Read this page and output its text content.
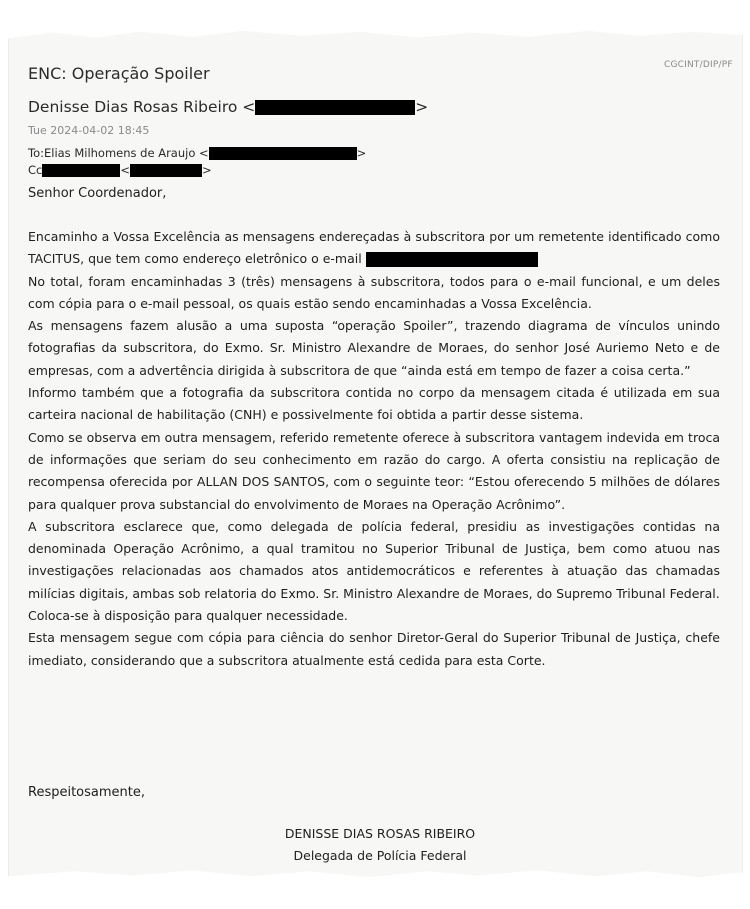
ENC: Operação Spoiler	CGCINT/DIP/PF
Denisse Dias Rosas Ribeiro <	>
Tue 2024-04-02 18:45
To:Elias Milhomens de Araujo <	>
Cc	<	>
Senhor Coordenador,

Encaminho a Vossa Excelência as mensagens endereçadas à subscritora por um remetente identificado como TACITUS, que tem como endereço eletrônico o e-mail

No total, foram encaminhadas 3 (três) mensagens à subscritora, todos para o e-mail funcional, e um deles com cópia para o e-mail pessoal, os quais estão sendo encaminhadas a Vossa Excelência.

As mensagens fazem alusão a uma suposta “operação Spoiler”, trazendo diagrama de vínculos unindo fotografias da subscritora, do Exmo. Sr. Ministro Alexandre de Moraes, do senhor José Auriemo Neto e de empresas, com a advertência dirigida à subscritora de que “ainda está em tempo de fazer a coisa certa.”

Informo também que a fotografia da subscritora contida no corpo da mensagem citada é utilizada em sua carteira nacional de habilitação (CNH) e possivelmente foi obtida a partir desse sistema.

Como se observa em outra mensagem, referido remetente oferece à subscritora vantagem indevida em troca de informações que seriam do seu conhecimento em razão do cargo. A oferta consistiu na replicação de recompensa oferecida por ALLAN DOS SANTOS, com o seguinte teor: “Estou oferecendo 5 milhões de dólares para qualquer prova substancial do envolvimento de Moraes na Operação Acrônimo”.

A subscritora esclarece que, como delegada de polícia federal, presidiu as investigações contidas na denominada Operação Acrônimo, a qual tramitou no Superior Tribunal de Justiça, bem como atuou nas investigações relacionadas aos chamados atos antidemocráticos e referentes à atuação das chamadas milícias digitais, ambas sob relatoria do Exmo. Sr. Ministro Alexandre de Moraes, do Supremo Tribunal Federal.

Coloca-se à disposição para qualquer necessidade.

Esta mensagem segue com cópia para ciência do senhor Diretor-Geral do Superior Tribunal de Justiça, chefe imediato, considerando que a subscritora atualmente está cedida para esta Corte.

Respeitosamente,
DENISSE DIAS ROSAS RIBEIRO
Delegada de Polícia Federal
